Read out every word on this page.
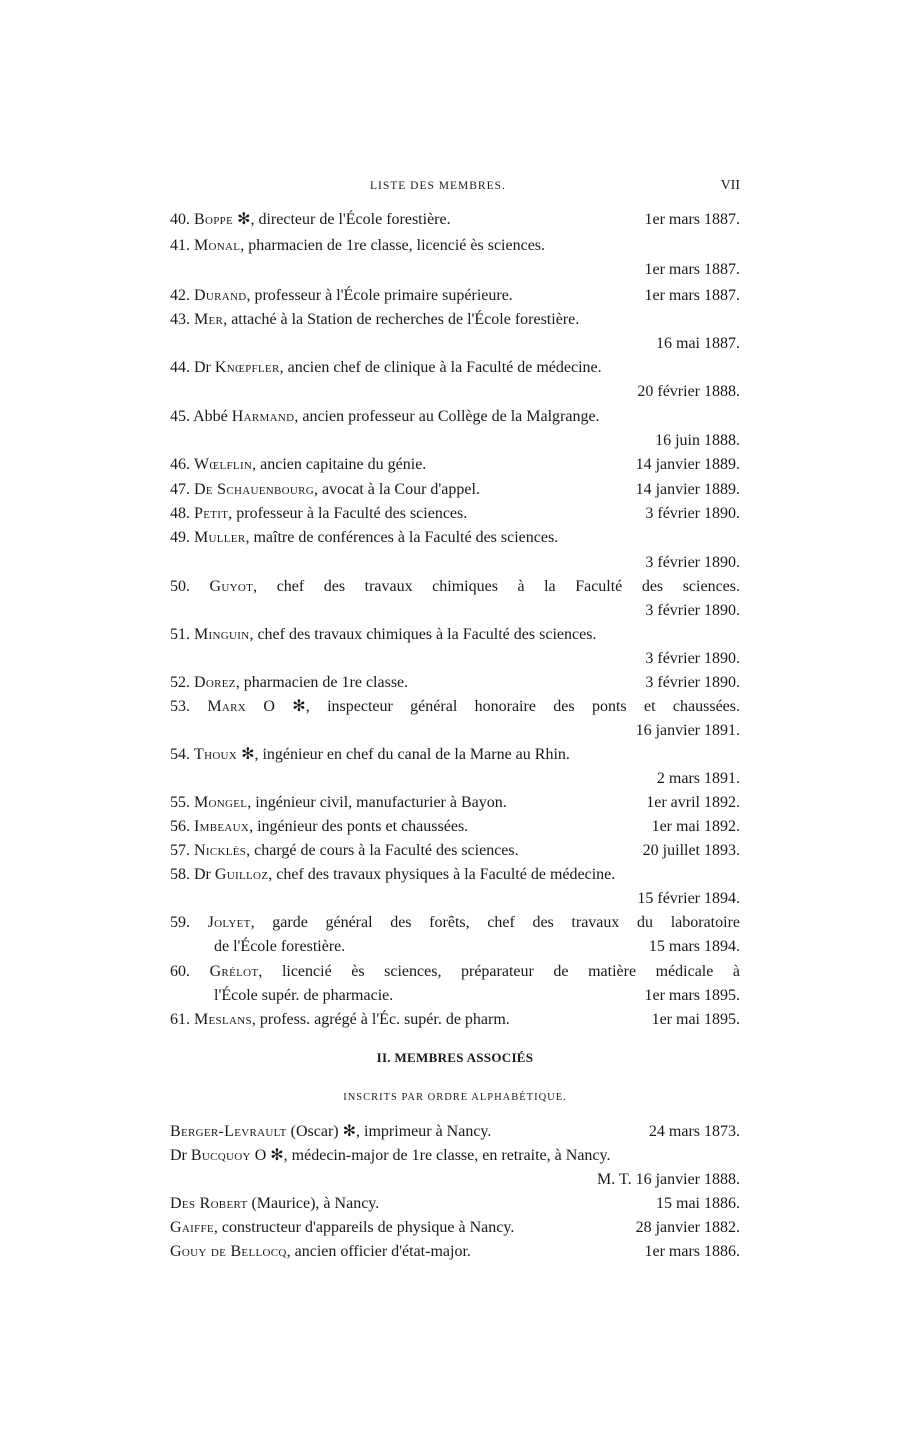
LISTE DES MEMBRES.	VII
40. Boppe ✻, directeur de l'École forestière.	1er mars 1887.
41. Monal, pharmacien de 1re classe, licencié ès sciences.
1er mars 1887.
42. Durand, professeur à l'École primaire supérieure.	1er mars 1887.
43. Mer, attaché à la Station de recherches de l'École forestière.
16 mai 1887.
44. Dr Knœpfler, ancien chef de clinique à la Faculté de médecine.
20 février 1888.
45. Abbé Harmand, ancien professeur au Collège de la Malgrange.
16 juin 1888.
46. Wœlflin, ancien capitaine du génie.	14 janvier 1889.
47. De Schauenbourg, avocat à la Cour d'appel.	14 janvier 1889.
48. Petit, professeur à la Faculté des sciences.	3 février 1890.
49. Muller, maître de conférences à la Faculté des sciences.
3 février 1890.
50. Guyot, chef des travaux chimiques à la Faculté des sciences.
3 février 1890.
51. Minguin, chef des travaux chimiques à la Faculté des sciences.
3 février 1890.
52. Dorez, pharmacien de 1re classe.	3 février 1890.
53. Marx O ✻, inspecteur général honoraire des ponts et chaussées.
16 janvier 1891.
54. Thoux ✻, ingénieur en chef du canal de la Marne au Rhin.
2 mars 1891.
55. Mongel, ingénieur civil, manufacturier à Bayon.	1er avril 1892.
56. Imbeaux, ingénieur des ponts et chaussées.	1er mai 1892.
57. Nicklès, chargé de cours à la Faculté des sciences.	20 juillet 1893.
58. Dr Guilloz, chef des travaux physiques à la Faculté de médecine.
15 février 1894.
59. Jolyet, garde général des forêts, chef des travaux du laboratoire
de l'École forestière.	15 mars 1894.
60. Grélot, licencié ès sciences, préparateur de matière médicale à
l'École supér. de pharmacie.	1er mars 1895.
61. Meslans, profess. agrégé à l'Éc. supér. de pharm.	1er mai 1895.
II. MEMBRES ASSOCIÉS
INSCRITS PAR ORDRE ALPHABÉTIQUE.
Berger-Levrault (Oscar) ✻, imprimeur à Nancy.	24 mars 1873.
Dr Bucquoy O ✻, médecin-major de 1re classe, en retraite, à Nancy.
M. T. 16 janvier 1888.
Des Robert (Maurice), à Nancy.	15 mai 1886.
Gaiffe, constructeur d'appareils de physique à Nancy.	28 janvier 1882.
Gouy de Bellocq, ancien officier d'état-major.	1er mars 1886.
